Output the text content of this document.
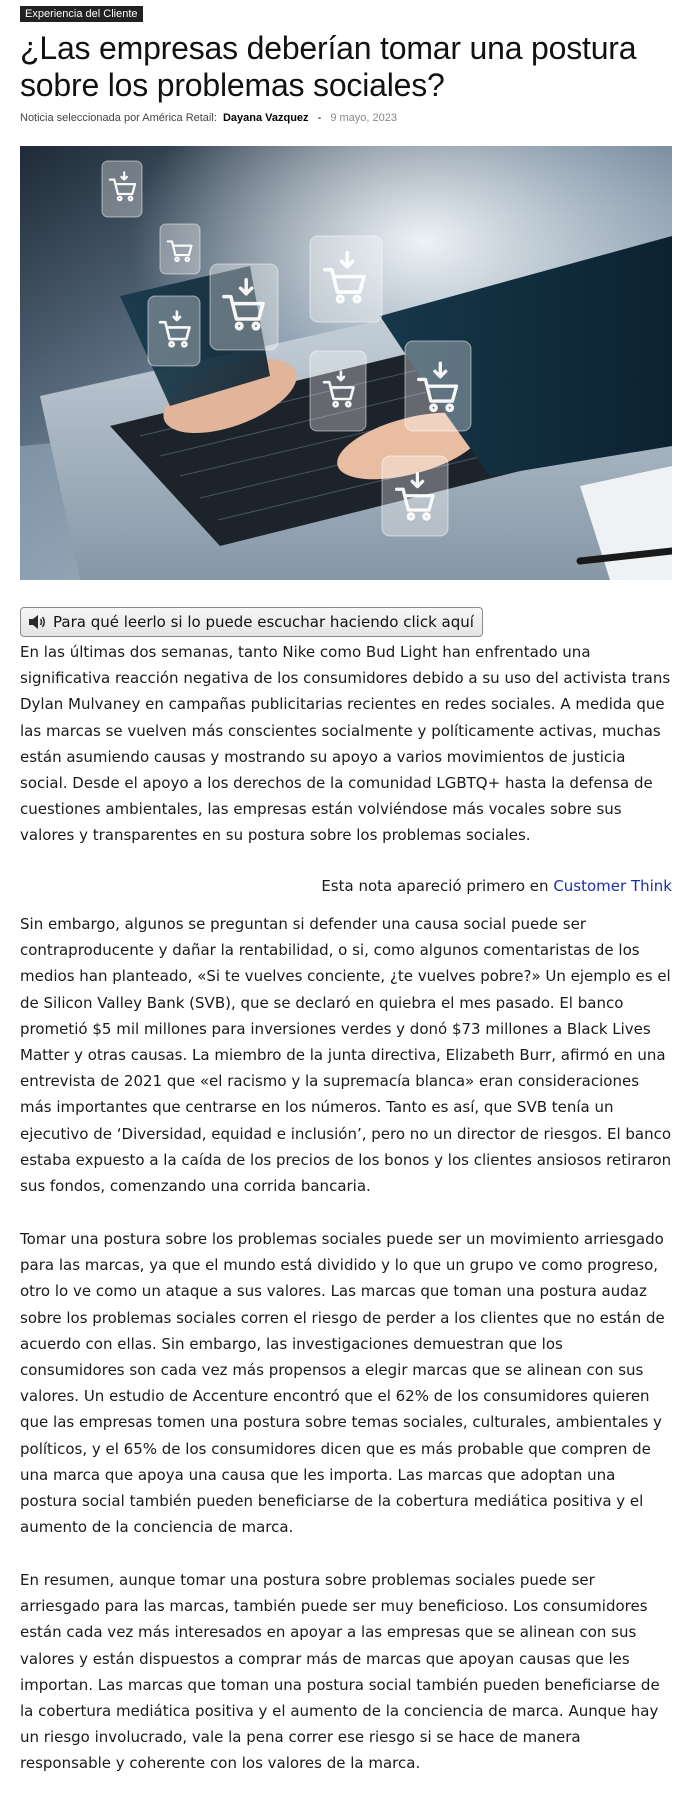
Experiencia del Cliente
¿Las empresas deberían tomar una postura sobre los problemas sociales?
Noticia seleccionada por América Retail: Dayana Vazquez - 9 mayo, 2023
Para qué leerlo si lo puede escuchar haciendo click aquí

En las últimas dos semanas, tanto Nike como Bud Light han enfrentado una significativa reacción negativa de los consumidores debido a su uso del activista trans Dylan Mulvaney en campañas publicitarias recientes en redes sociales. A medida que las marcas se vuelven más conscientes socialmente y políticamente activas, muchas están asumiendo causas y mostrando su apoyo a varios movimientos de justicia social. Desde el apoyo a los derechos de la comunidad LGBTQ+ hasta la defensa de cuestiones ambientales, las empresas están volviéndose más vocales sobre sus valores y transparentes en su postura sobre los problemas sociales.

Esta nota apareció primero en Customer Think

Sin embargo, algunos se preguntan si defender una causa social puede ser contraproducente y dañar la rentabilidad, o si, como algunos comentaristas de los medios han planteado, «Si te vuelves conciente, ¿te vuelves pobre?» Un ejemplo es el de Silicon Valley Bank (SVB), que se declaró en quiebra el mes pasado. El banco prometió $5 mil millones para inversiones verdes y donó $73 millones a Black Lives Matter y otras causas. La miembro de la junta directiva, Elizabeth Burr, afirmó en una entrevista de 2021 que «el racismo y la supremacía blanca» eran consideraciones más importantes que centrarse en los números. Tanto es así, que SVB tenía un ejecutivo de ‘Diversidad, equidad e inclusión’, pero no un director de riesgos. El banco estaba expuesto a la caída de los precios de los bonos y los clientes ansiosos retiraron sus fondos, comenzando una corrida bancaria.

Tomar una postura sobre los problemas sociales puede ser un movimiento arriesgado para las marcas, ya que el mundo está dividido y lo que un grupo ve como progreso, otro lo ve como un ataque a sus valores. Las marcas que toman una postura audaz sobre los problemas sociales corren el riesgo de perder a los clientes que no están de acuerdo con ellas. Sin embargo, las investigaciones demuestran que los consumidores son cada vez más propensos a elegir marcas que se alinean con sus valores. Un estudio de Accenture encontró que el 62% de los consumidores quieren que las empresas tomen una postura sobre temas sociales, culturales, ambientales y políticos, y el 65% de los consumidores dicen que es más probable que compren de una marca que apoya una causa que les importa. Las marcas que adoptan una postura social también pueden beneficiarse de la cobertura mediática positiva y el aumento de la conciencia de marca.

En resumen, aunque tomar una postura sobre problemas sociales puede ser arriesgado para las marcas, también puede ser muy beneficioso. Los consumidores están cada vez más interesados en apoyar a las empresas que se alinean con sus valores y están dispuestos a comprar más de marcas que apoyan causas que les importan. Las marcas que toman una postura social también pueden beneficiarse de la cobertura mediática positiva y el aumento de la conciencia de marca. Aunque hay un riesgo involucrado, vale la pena correr ese riesgo si se hace de manera responsable y coherente con los valores de la marca.
